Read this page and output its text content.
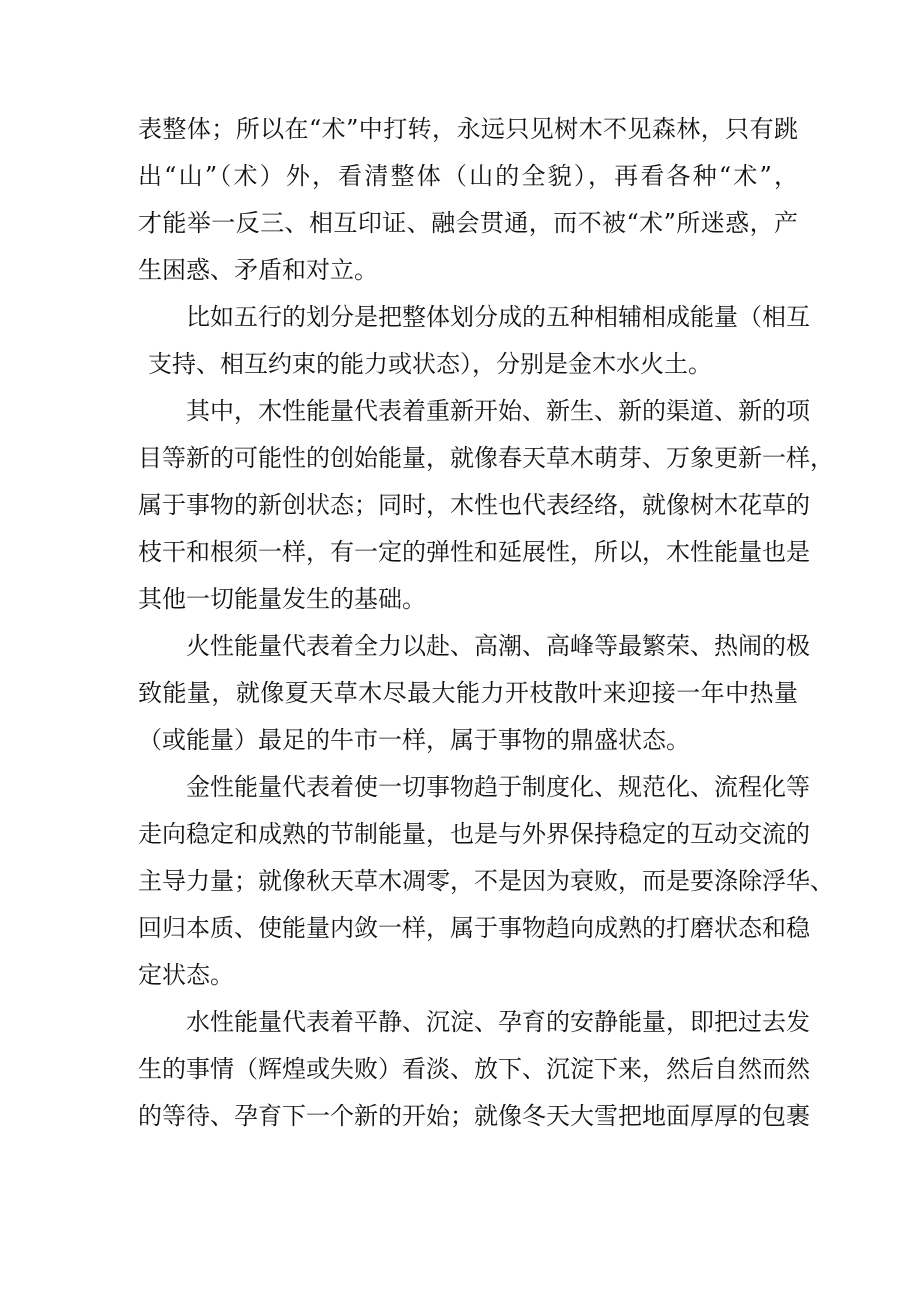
表整体；所以在“术”中打转，永远只见树木不见森林，只有跳
出“山”（术）外，看清整体（山的全貌），再看各种“术”，
才能举一反三、相互印证、融会贯通，而不被“术”所迷惑，产
生困惑、矛盾和对立。

比如五行的划分是把整体划分成的五种相辅相成能量（相互
支持、相互约束的能力或状态），分别是金木水火土。

其中，木性能量代表着重新开始、新生、新的渠道、新的项
目等新的可能性的创始能量，就像春天草木萌芽、万象更新一样，
属于事物的新创状态；同时，木性也代表经络，就像树木花草的
枝干和根须一样，有一定的弹性和延展性，所以，木性能量也是
其他一切能量发生的基础。

火性能量代表着全力以赴、高潮、高峰等最繁荣、热闹的极
致能量，就像夏天草木尽最大能力开枝散叶来迎接一年中热量
（或能量）最足的牛市一样，属于事物的鼎盛状态。

金性能量代表着使一切事物趋于制度化、规范化、流程化等
走向稳定和成熟的节制能量，也是与外界保持稳定的互动交流的
主导力量；就像秋天草木凋零，不是因为衰败，而是要涤除浮华、
回归本质、使能量内敛一样，属于事物趋向成熟的打磨状态和稳
定状态。

水性能量代表着平静、沉淀、孕育的安静能量，即把过去发
生的事情（辉煌或失败）看淡、放下、沉淀下来，然后自然而然
的等待、孕育下一个新的开始；就像冬天大雪把地面厚厚的包裹
